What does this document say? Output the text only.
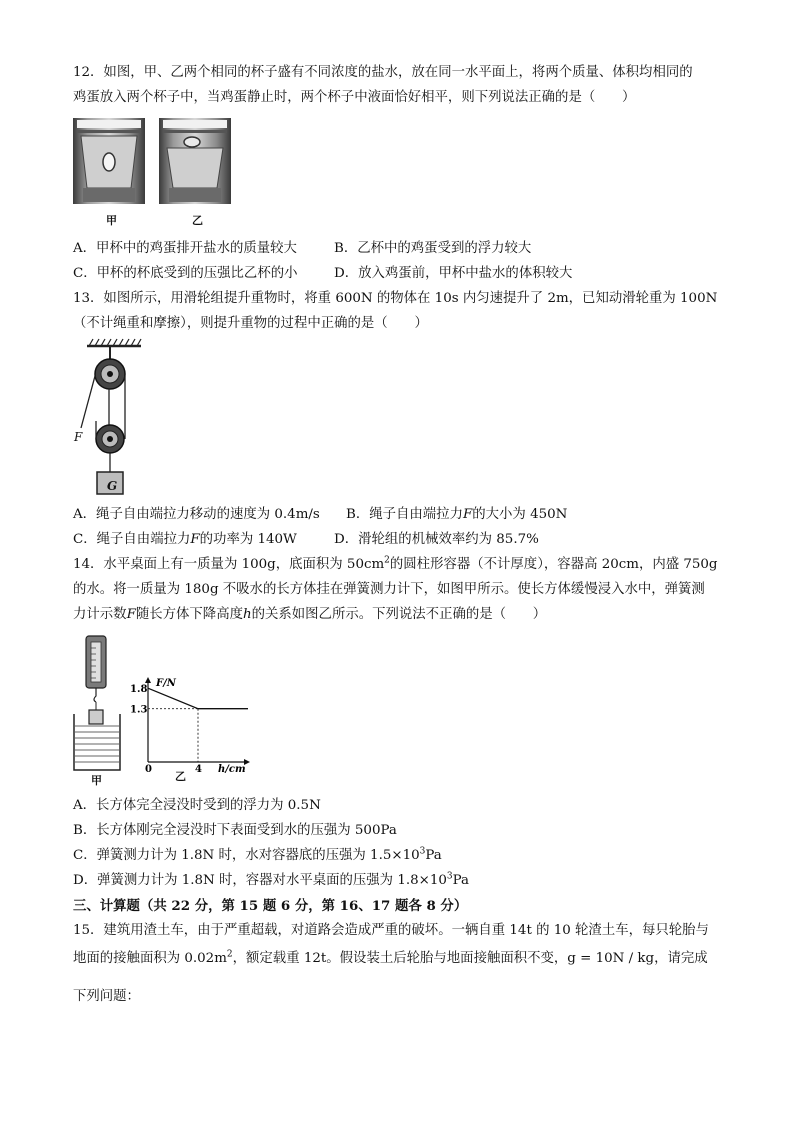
12．如图，甲、乙两个相同的杯子盛有不同浓度的盐水，放在同一水平面上，将两个质量、体积均相同的
鸡蛋放入两个杯子中，当鸡蛋静止时，两个杯子中液面恰好相平，则下列说法正确的是（　　）
甲	乙
A．甲杯中的鸡蛋排开盐水的质量较大	B．乙杯中的鸡蛋受到的浮力较大
C．甲杯的杯底受到的压强比乙杯的小	D．放入鸡蛋前，甲杯中盐水的体积较大
13．如图所示，用滑轮组提升重物时，将重 600N 的物体在 10s 内匀速提升了 2m，已知动滑轮重为 100N
（不计绳重和摩擦），则提升重物的过程中正确的是（　　）
F
G
A．绳子自由端拉力移动的速度为 0.4m/s B．绳子自由端拉力F的大小为 450N
C．绳子自由端拉力F的功率为 140W	D．滑轮组的机械效率约为 85.7%
14．水平桌面上有一质量为 100g，底面积为 $50cm^2$的圆柱形容器（不计厚度），容器高 20cm，内盛 750g
的水。将一质量为 180g 不吸水的长方体挂在弹簧测力计下，如图甲所示。使长方体缓慢浸入水中，弹簧测
力计示数F随长方体下降高度h的关系如图乙所示。下列说法不正确的是（　　）
甲
F/N
h/cm
1.8
1.3
0	4
乙
A．长方体完全浸没时受到的浮力为 0.5N
B．长方体刚完全浸没时下表面受到水的压强为 500Pa
C．弹簧测力计为 1.8N 时，水对容器底的压强为 $1.5\times 10^3Pa$
D．弹簧测力计为 1.8N 时，容器对水平桌面的压强为 $1.8\times 10^3Pa$
三、计算题（共 22 分，第 15 题 6 分，第 16、17 题各 8 分）
15．建筑用渣土车，由于严重超载，对道路会造成严重的破坏。一辆自重 14t 的 10 轮渣土车，每只轮胎与
地面的接触面积为 $0.02m^2$，额定载重 12t。假设装土后轮胎与地面接触面积不变，g = 10N / kg，请完成
下列问题：
